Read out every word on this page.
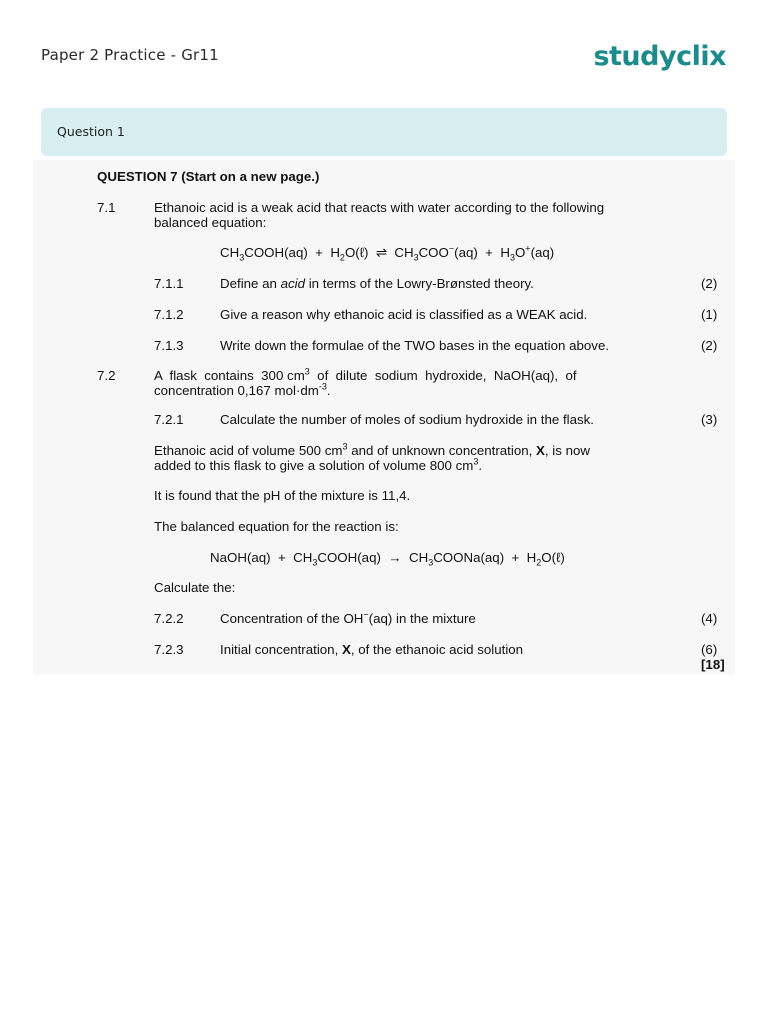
Paper 2 Practice - Gr11	studyclix
Question 1
QUESTION 7 (Start on a new page.)
7.1	Ethanoic acid is a weak acid that reacts with water according to the following
balanced equation:
$CH_3COOH(aq)$  +  $H_2O(\ell)$  ⇌  $CH_3COO^-(aq) + H_3O^+(aq)$
7.1.1	Define an acid in terms of the Lowry-Brønsted theory.	(2)
7.1.2	Give a reason why ethanoic acid is classified as a WEAK acid.	(1)
7.1.3	Write down the formulae of the TWO bases in the equation above.	(2)
7.2	A  flask  contains  300 $cm^3$  of  dilute  sodium  hydroxide,  NaOH(aq),  of
concentration 0,167 $mol\cdot dm^{-3}$.
7.2.1	Calculate the number of moles of sodium hydroxide in the flask.	(3)
Ethanoic acid of volume 500 $cm^3$ and of unknown concentration, X, is now
added to this flask to give a solution of volume 800 $cm^3$.
It is found that the pH of the mixture is 11,4.
The balanced equation for the reaction is:
NaOH(aq)  +  $CH_3COOH(aq)$  →  $CH_3COONa(aq)$  +  $H_2O(\ell)$
Calculate the:
7.2.2	Concentration of the OH−(aq) in the mixture	(4)
7.2.3	Initial concentration, X, of the ethanoic acid solution	(6)
[18]
